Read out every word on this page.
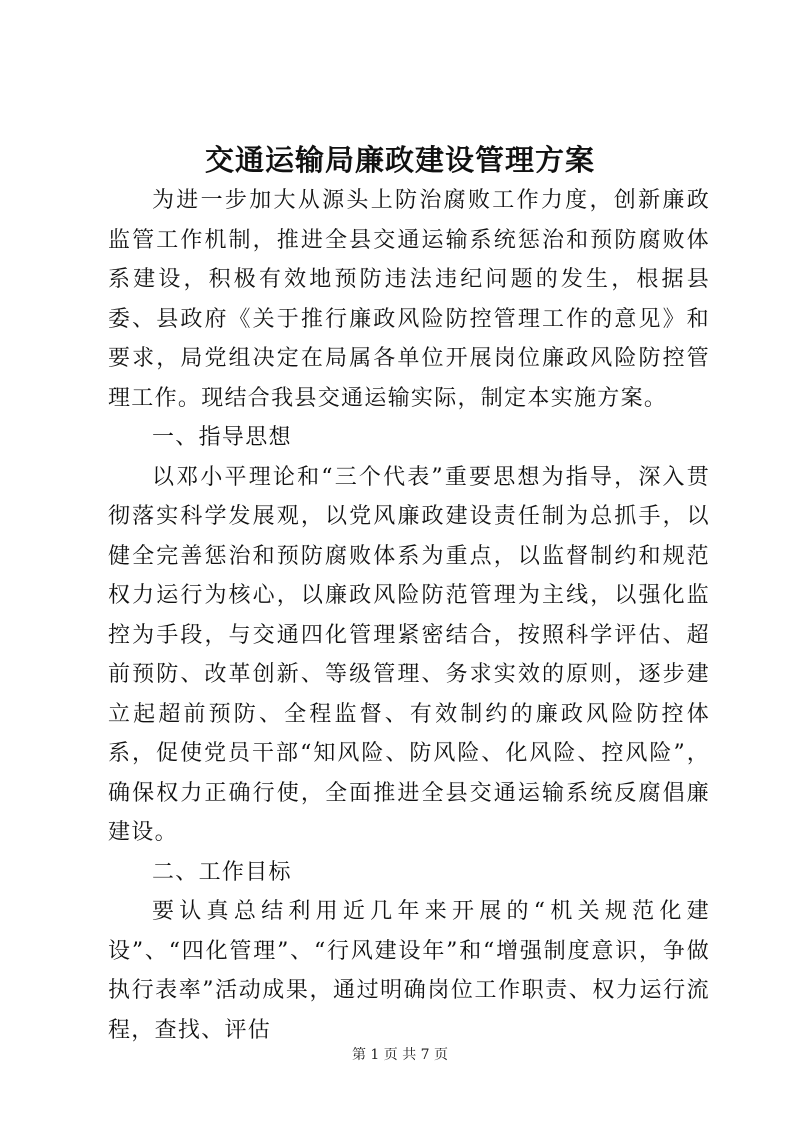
交通运输局廉政建设管理方案

为进一步加大从源头上防治腐败工作力度，创新廉政监管工作机制，推进全县交通运输系统惩治和预防腐败体系建设，积极有效地预防违法违纪问题的发生，根据县委、县政府《关于推行廉政风险防控管理工作的意见》和要求，局党组决定在局属各单位开展岗位廉政风险防控管理工作。现结合我县交通运输实际，制定本实施方案。

一、指导思想

以邓小平理论和“三个代表”重要思想为指导，深入贯彻落实科学发展观，以党风廉政建设责任制为总抓手，以健全完善惩治和预防腐败体系为重点，以监督制约和规范权力运行为核心，以廉政风险防范管理为主线，以强化监控为手段，与交通四化管理紧密结合，按照科学评估、超前预防、改革创新、等级管理、务求实效的原则，逐步建立起超前预防、全程监督、有效制约的廉政风险防控体系，促使党员干部“知风险、防风险、化风险、控风险”，确保权力正确行使，全面推进全县交通运输系统反腐倡廉建设。

二、工作目标

要认真总结利用近几年来开展的“机关规范化建设”、“四化管理”、“行风建设年”和“增强制度意识，争做执行表率”活动成果，通过明确岗位工作职责、权力运行流程，查找、评估

第 1 页 共 7 页
